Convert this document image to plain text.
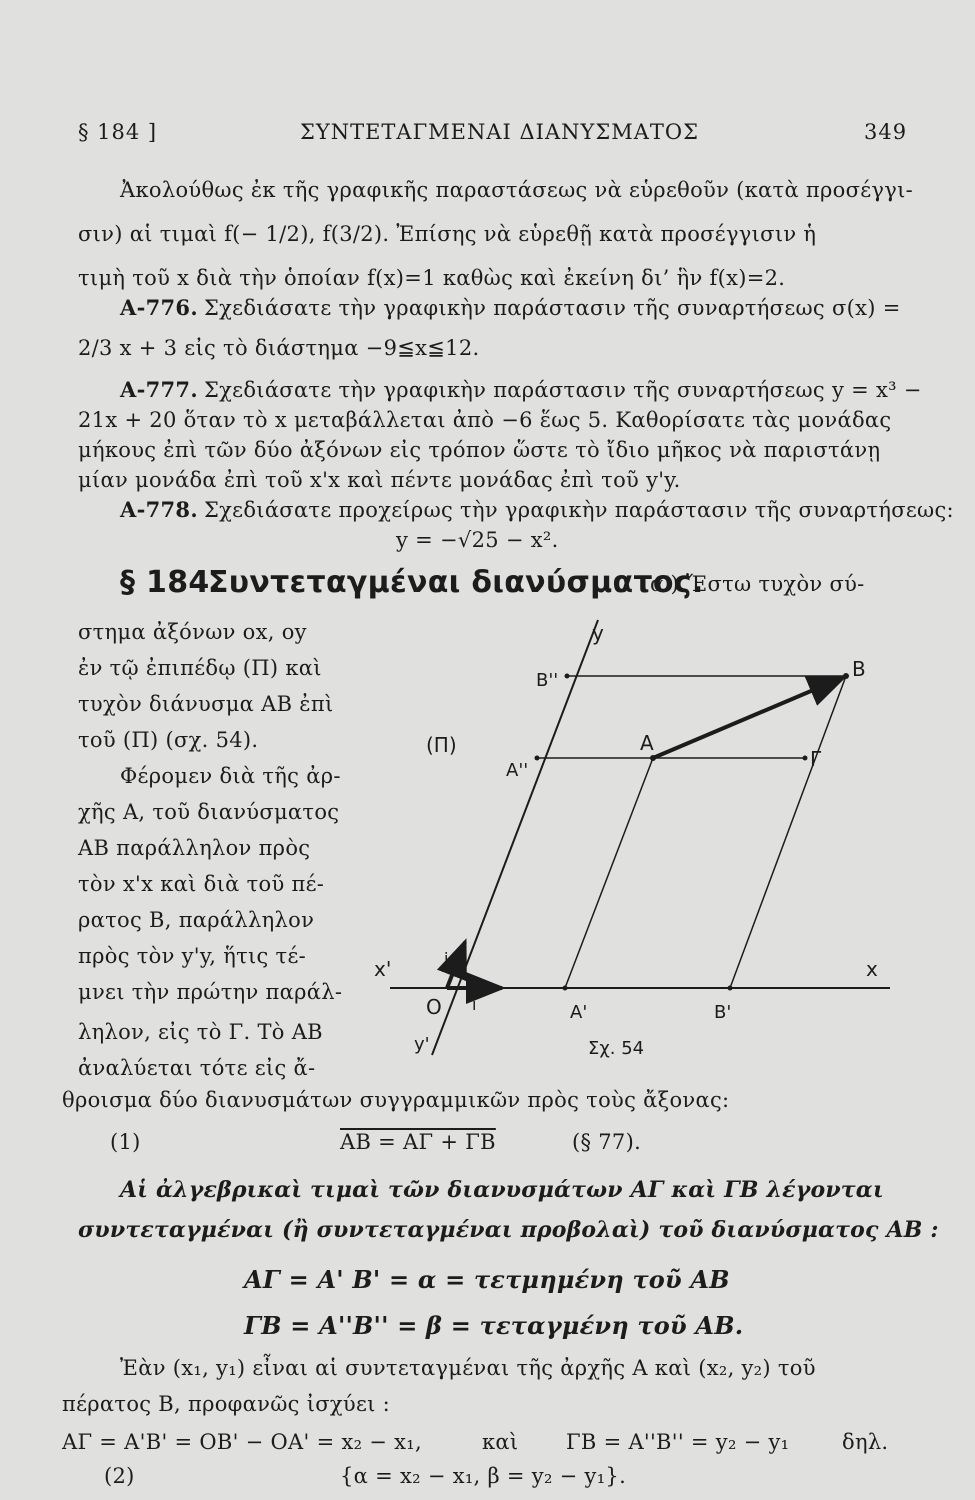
§ 184 ]	ΣΥΝΤΕΤΑΓΜΕΝΑΙ ΔΙΑΝΥΣΜΑΤΟΣ	349
Ἀκολούθως ἐκ τῆς γραφικῆς παραστάσεως νὰ εὑρεθοῦν (κατὰ προσέγγι-
σιν) αἱ τιμαὶ f(− 1/2), f(3/2). Ἐπίσης νὰ εὑρεθῇ κατὰ προσέγγισιν ἡ
τιμὴ τοῦ x διὰ τὴν ὁποίαν f(x)=1 καθὼς καὶ ἐκείνη δι’ ἣν f(x)=2.
A-776. Σχεδιάσατε τὴν γραφικὴν παράστασιν τῆς συναρτήσεως σ(x) =
2/3 x + 3 εἰς τὸ διάστημα −9≦x≦12.
A-777. Σχεδιάσατε τὴν γραφικὴν παράστασιν τῆς συναρτήσεως y = x³ −
21x + 20 ὅταν τὸ x μεταβάλλεται ἀπὸ −6 ἕως 5. Καθορίσατε τὰς μονάδας
μήκους ἐπὶ τῶν δύο ἀξόνων εἰς τρόπον ὥστε τὸ ἴδιο μῆκος νὰ παριστάνῃ
μίαν μονάδα ἐπὶ τοῦ x'x καὶ πέντε μονάδας ἐπὶ τοῦ y'y.
A-778. Σχεδιάσατε προχείρως τὴν γραφικὴν παράστασιν τῆς συναρτήσεως:
y = −√25 − x².
§ 184.
Συντεταγμέναι διανύσματος.
α') Ἔστω τυχὸν σύ-
στημα ἀξόνων ox, oy
ἐν τῷ ἐπιπέδῳ (Π) καὶ
τυχὸν διάνυσμα AB ἐπὶ
τοῦ (Π) (σχ. 54).
Φέρομεν διὰ τῆς ἀρ-
χῆς A, τοῦ διανύσματος
AB παράλληλον πρὸς
τὸν x'x καὶ διὰ τοῦ πέ-
ρατος B, παράλληλον
πρὸς τὸν y'y, ἥτις τέ-
μνει τὴν πρώτην παράλ-
ληλον, εἰς τὸ Γ. Τὸ AB
ἀναλύεται τότε εἰς ἄ-
(Π)
y
y'
x
x'
O
j
i
A
B
Γ
A''
B''
A'	B'
Σχ. 54
θροισμα δύο διανυσμάτων συγγραμμικῶν πρὸς τοὺς ἄξονας:
(1)	AB = AΓ + ΓB	(§ 77).
Αἱ ἀλγεβρικαὶ τιμαὶ τῶν διανυσμάτων AΓ καὶ ΓB λέγονται
συντεταγμέναι (ἢ συντεταγμέναι προβολαὶ) τοῦ διανύσματος AB :
AΓ = A' B' = α = τετμημένη τοῦ AB
ΓB = A''B'' = β = τεταγμένη τοῦ AB.
Ἐὰν (x₁, y₁) εἶναι αἱ συντεταγμέναι τῆς ἀρχῆς A καὶ (x₂, y₂) τοῦ
πέρατος B, προφανῶς ἰσχύει :
AΓ = A'B' = OB' − OA' = x₂ − x₁,	καὶ ΓB = A''B'' = y₂ − y₁	δηλ.
(2)	{α = x₂ − x₁, β = y₂ − y₁}.
